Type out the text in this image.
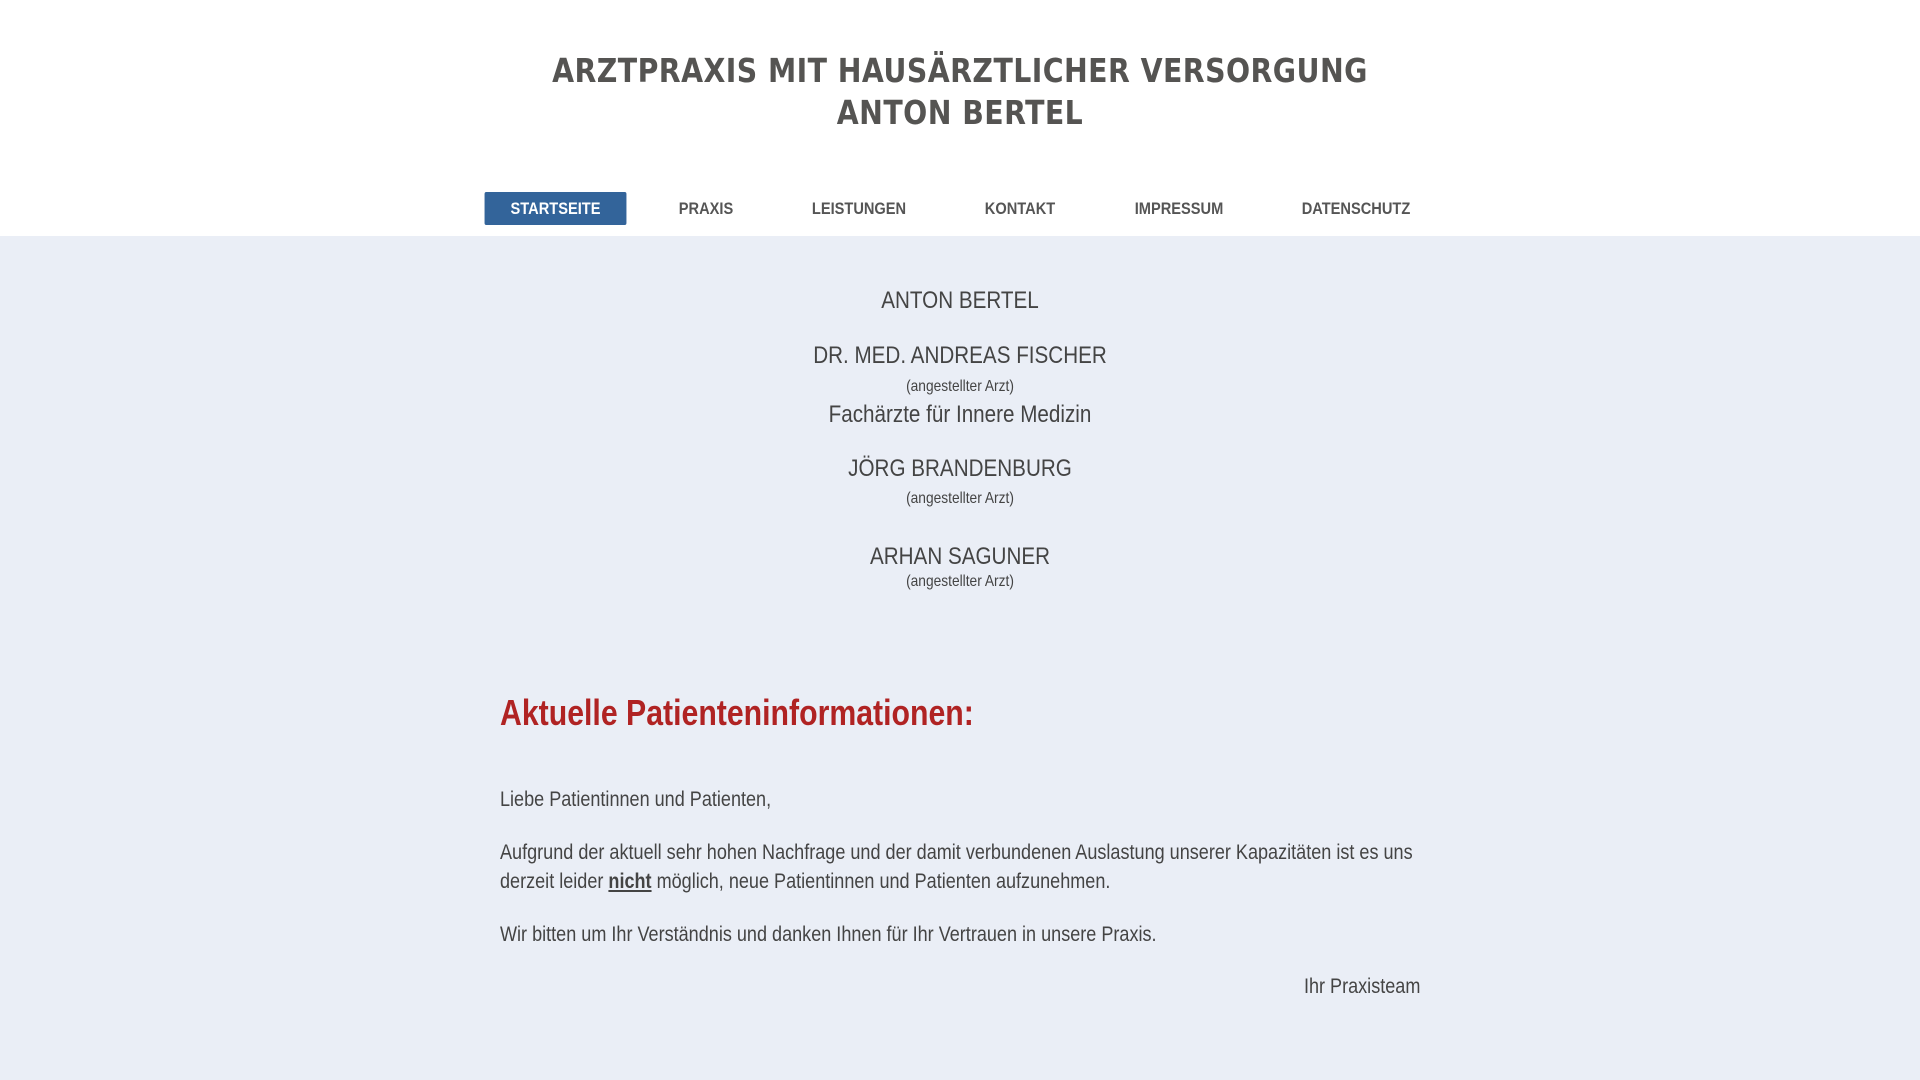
ARZTPRAXIS MIT HAUSÄRZTLICHER VERSORGUNG
ANTON BERTEL
STARTSEITE	PRAXIS	LEISTUNGEN	KONTAKT	IMPRESSUM	DATENSCHUTZ
ANTON BERTEL
DR. MED. ANDREAS FISCHER
(angestellter Arzt)
Fachärzte für Innere Medizin
JÖRG BRANDENBURG
(angestellter Arzt)
ARHAN SAGUNER
(angestellter Arzt)
Aktuelle Patienteninformationen:
Liebe Patientinnen und Patienten,
Aufgrund der aktuell sehr hohen Nachfrage und der damit verbundenen Auslastung unserer Kapazitäten ist es uns
derzeit leider nicht möglich, neue Patientinnen und Patienten aufzunehmen.
Wir bitten um Ihr Verständnis und danken Ihnen für Ihr Vertrauen in unsere Praxis.
Ihr Praxisteam
